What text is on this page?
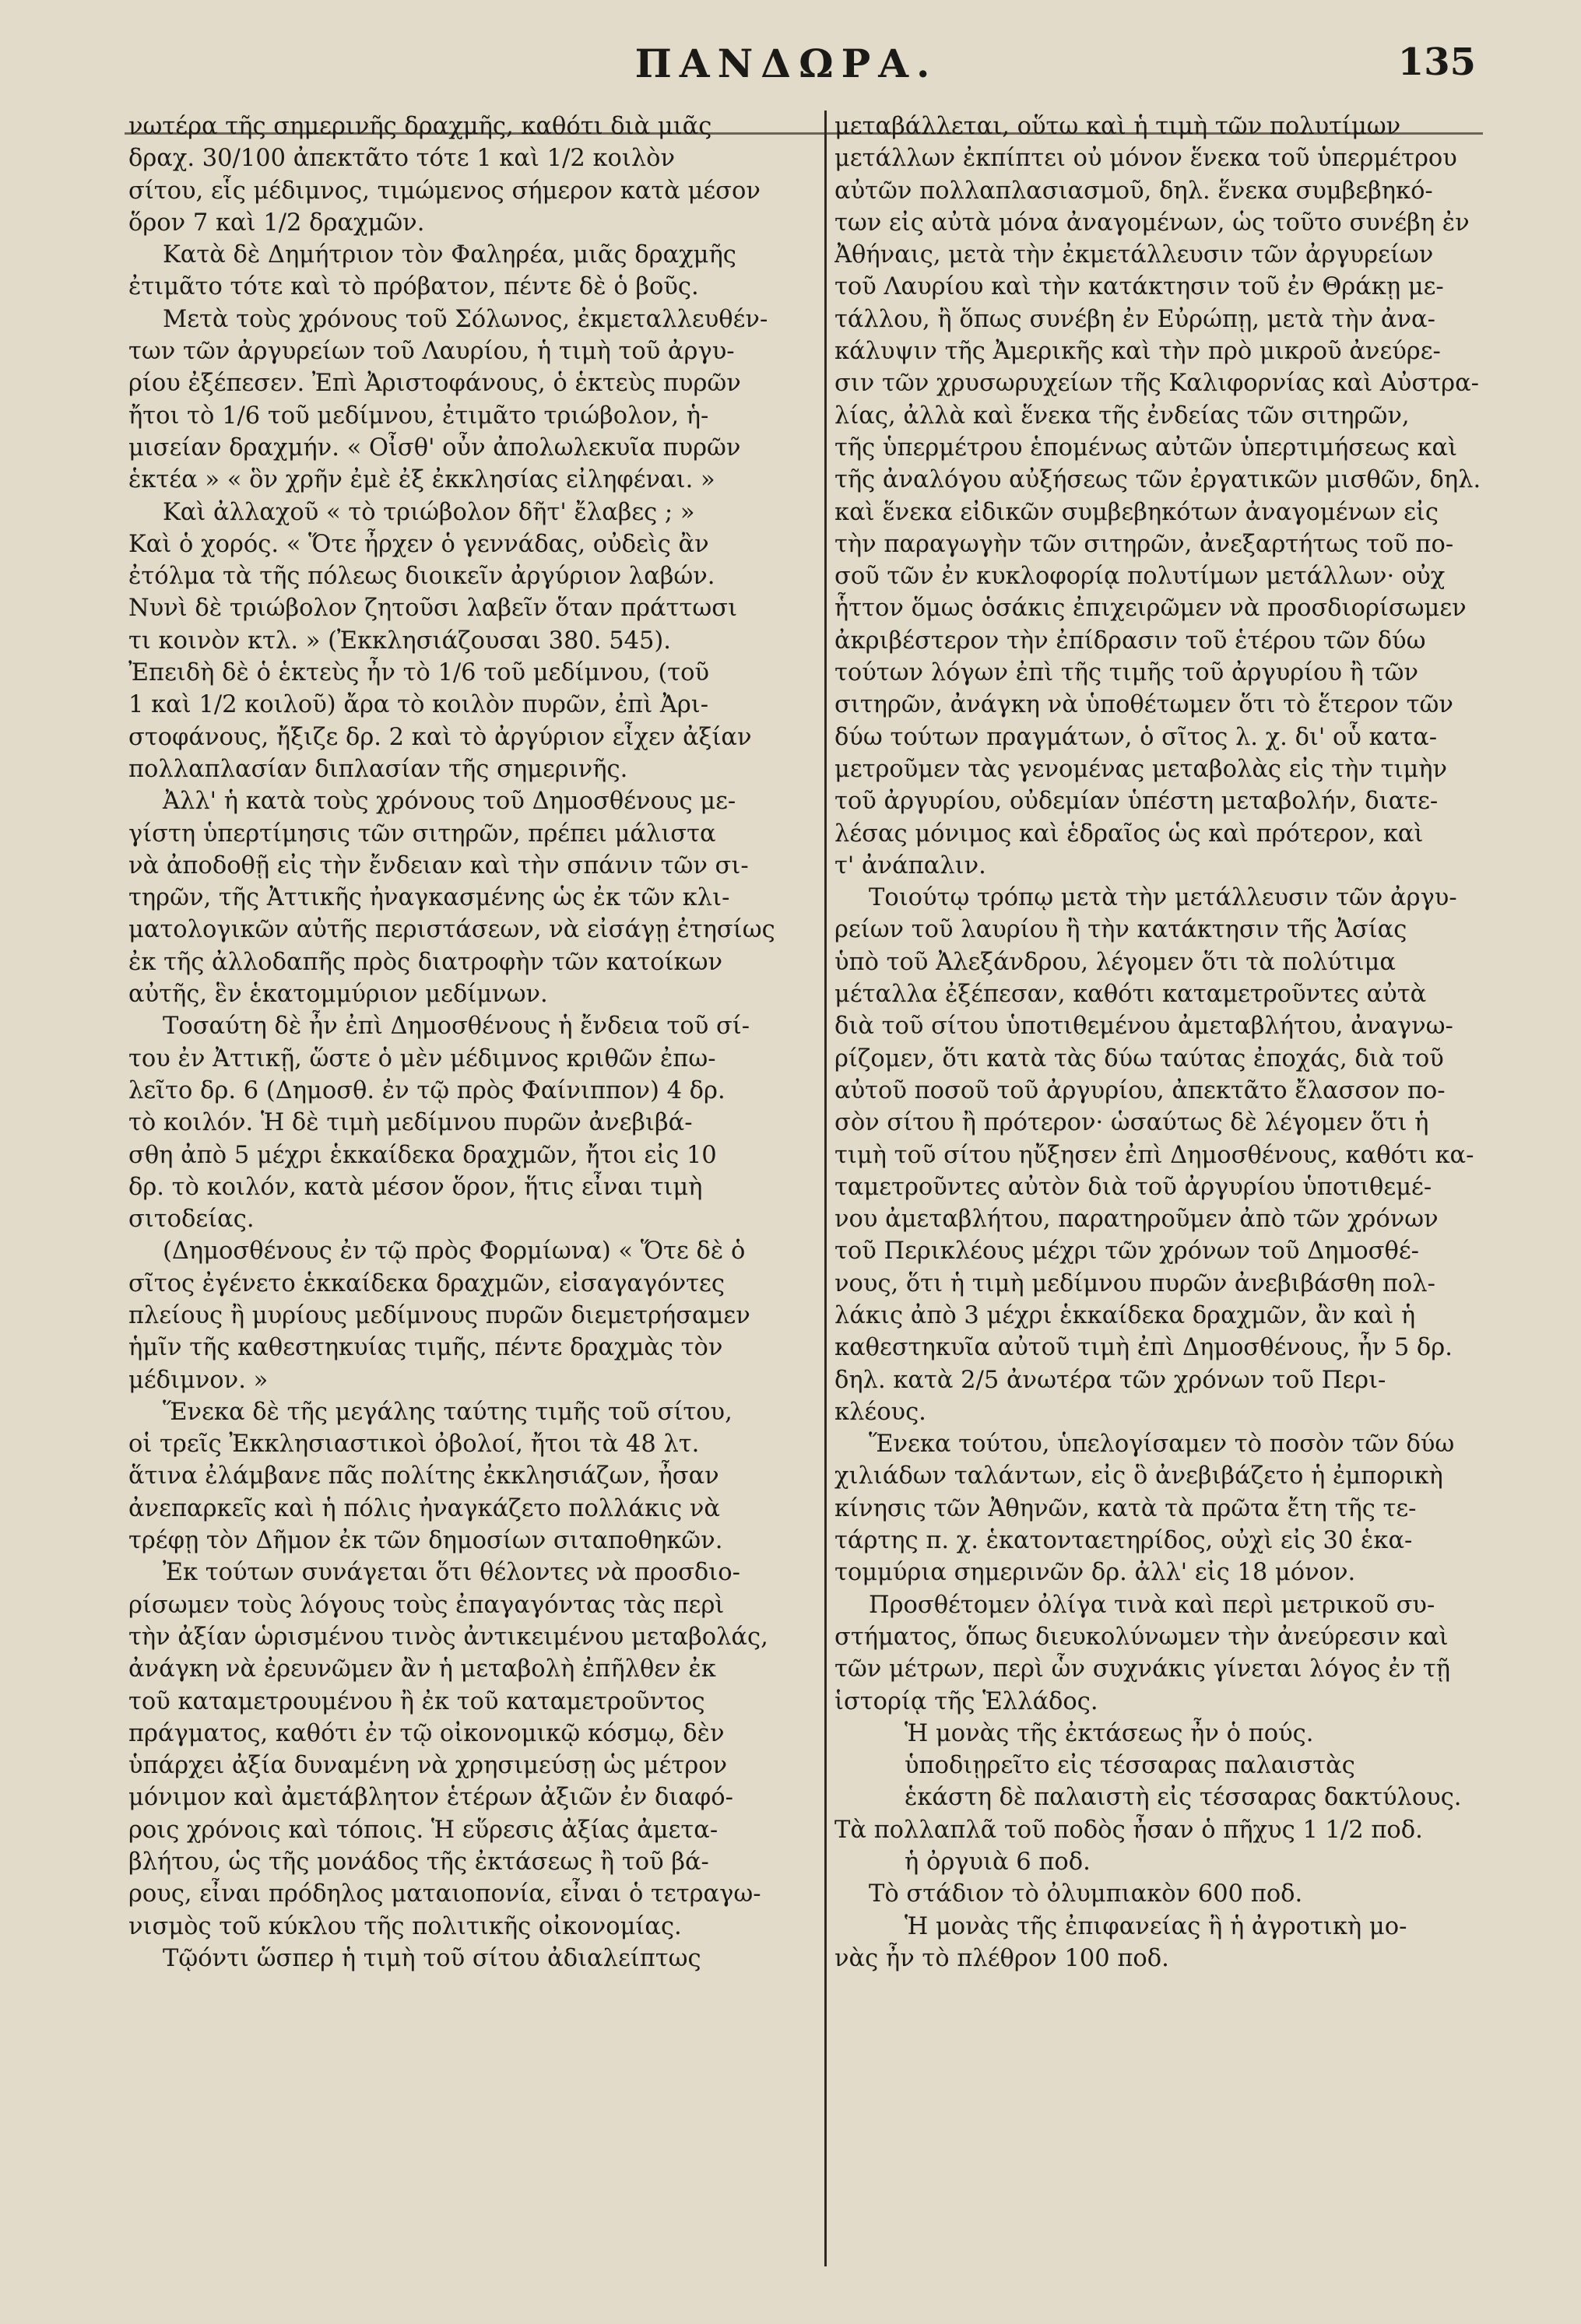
ΠΑΝΔΩΡΑ.	135
νωτέρα τῆς σημερινῆς δραχμῆς, καθότι διὰ μιᾶς
δραχ. 30/100 ἀπεκτᾶτο τότε 1 καὶ 1/2 κοιλὸν
σίτου, εἷς μέδιμνος, τιμώμενος σήμερον κατὰ μέσον
ὅρον 7 καὶ 1/2 δραχμῶν.
Κατὰ δὲ Δημήτριον τὸν Φαληρέα, μιᾶς δραχμῆς
ἐτιμᾶτο τότε καὶ τὸ πρόβατον, πέντε δὲ ὁ βοῦς.
Μετὰ τοὺς χρόνους τοῦ Σόλωνος, ἐκμεταλλευθέν-
των τῶν ἀργυρείων τοῦ Λαυρίου, ἡ τιμὴ τοῦ ἀργυ-
ρίου ἐξέπεσεν. Ἐπὶ Ἀριστοφάνους, ὁ ἑκτεὺς πυρῶν
ἤτοι τὸ 1/6 τοῦ μεδίμνου, ἐτιμᾶτο τριώβολον, ἡ-
μισείαν δραχμήν. « Οἶσθ' οὖν ἀπολωλεκυῖα πυρῶν
ἑκτέα » « ὃν χρῆν ἐμὲ ἐξ ἐκκλησίας εἰληφέναι. »
Καὶ ἀλλαχοῦ « τὸ τριώβολον δῆτ' ἔλαβες ; »
Καὶ ὁ χορός. « Ὅτε ἦρχεν ὁ γεννάδας, οὐδεὶς ἂν
ἐτόλμα τὰ τῆς πόλεως διοικεῖν ἀργύριον λαβών.
Νυνὶ δὲ τριώβολον ζητοῦσι λαβεῖν ὅταν πράττωσι
τι κοινὸν κτλ. » (Ἐκκλησιάζουσαι 380. 545).
Ἐπειδὴ δὲ ὁ ἑκτεὺς ἦν τὸ 1/6 τοῦ μεδίμνου, (τοῦ
1 καὶ 1/2 κοιλοῦ) ἄρα τὸ κοιλὸν πυρῶν, ἐπὶ Ἀρι-
στοφάνους, ἤξιζε δρ. 2 καὶ τὸ ἀργύριον εἶχεν ἀξίαν
πολλαπλασίαν διπλασίαν τῆς σημερινῆς.
Ἀλλ' ἡ κατὰ τοὺς χρόνους τοῦ Δημοσθένους με-
γίστη ὑπερτίμησις τῶν σιτηρῶν, πρέπει μάλιστα
νὰ ἀποδοθῇ εἰς τὴν ἔνδειαν καὶ τὴν σπάνιν τῶν σι-
τηρῶν, τῆς Ἀττικῆς ἠναγκασμένης ὡς ἐκ τῶν κλι-
ματολογικῶν αὐτῆς περιστάσεων, νὰ εἰσάγῃ ἐτησίως
ἐκ τῆς ἀλλοδαπῆς πρὸς διατροφὴν τῶν κατοίκων
αὐτῆς, ἓν ἑκατομμύριον μεδίμνων.
Τοσαύτη δὲ ἦν ἐπὶ Δημοσθένους ἡ ἔνδεια τοῦ σί-
του ἐν Ἀττικῇ, ὥστε ὁ μὲν μέδιμνος κριθῶν ἐπω-
λεῖτο δρ. 6 (Δημοσθ. ἐν τῷ πρὸς Φαίνιππον) 4 δρ.
τὸ κοιλόν. Ἡ δὲ τιμὴ μεδίμνου πυρῶν ἀνεβιβά-
σθη ἀπὸ 5 μέχρι ἑκκαίδεκα δραχμῶν, ἤτοι εἰς 10
δρ. τὸ κοιλόν, κατὰ μέσον ὅρον, ἥτις εἶναι τιμὴ
σιτοδείας.
(Δημοσθένους ἐν τῷ πρὸς Φορμίωνα) « Ὅτε δὲ ὁ
σῖτος ἐγένετο ἑκκαίδεκα δραχμῶν, εἰσαγαγόντες
πλείους ἢ μυρίους μεδίμνους πυρῶν διεμετρήσαμεν
ἡμῖν τῆς καθεστηκυίας τιμῆς, πέντε δραχμὰς τὸν
μέδιμνον. »
Ἕνεκα δὲ τῆς μεγάλης ταύτης τιμῆς τοῦ σίτου,
οἱ τρεῖς Ἐκκλησιαστικοὶ ὀβολοί, ἤτοι τὰ 48 λτ.
ἅτινα ἐλάμβανε πᾶς πολίτης ἐκκλησιάζων, ἦσαν
ἀνεπαρκεῖς καὶ ἡ πόλις ἠναγκάζετο πολλάκις νὰ
τρέφῃ τὸν Δῆμον ἐκ τῶν δημοσίων σιταποθηκῶν.
Ἐκ τούτων συνάγεται ὅτι θέλοντες νὰ προσδιο-
ρίσωμεν τοὺς λόγους τοὺς ἐπαγαγόντας τὰς περὶ
τὴν ἀξίαν ὡρισμένου τινὸς ἀντικειμένου μεταβολάς,
ἀνάγκη νὰ ἐρευνῶμεν ἂν ἡ μεταβολὴ ἐπῆλθεν ἐκ
τοῦ καταμετρουμένου ἢ ἐκ τοῦ καταμετροῦντος
πράγματος, καθότι ἐν τῷ οἰκονομικῷ κόσμῳ, δὲν
ὑπάρχει ἀξία δυναμένη νὰ χρησιμεύσῃ ὡς μέτρον
μόνιμον καὶ ἀμετάβλητον ἑτέρων ἀξιῶν ἐν διαφό-
ροις χρόνοις καὶ τόποις. Ἡ εὕρεσις ἀξίας ἀμετα-
βλήτου, ὡς τῆς μονάδος τῆς ἐκτάσεως ἢ τοῦ βά-
ρους, εἶναι πρόδηλος ματαιοπονία, εἶναι ὁ τετραγω-
νισμὸς τοῦ κύκλου τῆς πολιτικῆς οἰκονομίας.
Τῷόντι ὥσπερ ἡ τιμὴ τοῦ σίτου ἀδιαλείπτως
μεταβάλλεται, οὕτω καὶ ἡ τιμὴ τῶν πολυτίμων
μετάλλων ἐκπίπτει οὐ μόνον ἕνεκα τοῦ ὑπερμέτρου
αὐτῶν πολλαπλασιασμοῦ, δηλ. ἕνεκα συμβεβηκό-
των εἰς αὐτὰ μόνα ἀναγομένων, ὡς τοῦτο συνέβη ἐν
Ἀθήναις, μετὰ τὴν ἐκμετάλλευσιν τῶν ἀργυρείων
τοῦ Λαυρίου καὶ τὴν κατάκτησιν τοῦ ἐν Θράκῃ με-
τάλλου, ἢ ὅπως συνέβη ἐν Εὐρώπῃ, μετὰ τὴν ἀνα-
κάλυψιν τῆς Ἀμερικῆς καὶ τὴν πρὸ μικροῦ ἀνεύρε-
σιν τῶν χρυσωρυχείων τῆς Καλιφορνίας καὶ Αὐστρα-
λίας, ἀλλὰ καὶ ἕνεκα τῆς ἐνδείας τῶν σιτηρῶν,
τῆς ὑπερμέτρου ἑπομένως αὐτῶν ὑπερτιμήσεως καὶ
τῆς ἀναλόγου αὐξήσεως τῶν ἐργατικῶν μισθῶν, δηλ.
καὶ ἕνεκα εἰδικῶν συμβεβηκότων ἀναγομένων εἰς
τὴν παραγωγὴν τῶν σιτηρῶν, ἀνεξαρτήτως τοῦ πο-
σοῦ τῶν ἐν κυκλοφορίᾳ πολυτίμων μετάλλων· οὐχ
ἧττον ὅμως ὁσάκις ἐπιχειρῶμεν νὰ προσδιορίσωμεν
ἀκριβέστερον τὴν ἐπίδρασιν τοῦ ἑτέρου τῶν δύω
τούτων λόγων ἐπὶ τῆς τιμῆς τοῦ ἀργυρίου ἢ τῶν
σιτηρῶν, ἀνάγκη νὰ ὑποθέτωμεν ὅτι τὸ ἕτερον τῶν
δύω τούτων πραγμάτων, ὁ σῖτος λ. χ. δι' οὗ κατα-
μετροῦμεν τὰς γενομένας μεταβολὰς εἰς τὴν τιμὴν
τοῦ ἀργυρίου, οὐδεμίαν ὑπέστη μεταβολήν, διατε-
λέσας μόνιμος καὶ ἑδραῖος ὡς καὶ πρότερον, καὶ
τ' ἀνάπαλιν.
Τοιούτῳ τρόπῳ μετὰ τὴν μετάλλευσιν τῶν ἀργυ-
ρείων τοῦ λαυρίου ἢ τὴν κατάκτησιν τῆς Ἀσίας
ὑπὸ τοῦ Ἀλεξάνδρου, λέγομεν ὅτι τὰ πολύτιμα
μέταλλα ἐξέπεσαν, καθότι καταμετροῦντες αὐτὰ
διὰ τοῦ σίτου ὑποτιθεμένου ἀμεταβλήτου, ἀναγνω-
ρίζομεν, ὅτι κατὰ τὰς δύω ταύτας ἐποχάς, διὰ τοῦ
αὐτοῦ ποσοῦ τοῦ ἀργυρίου, ἀπεκτᾶτο ἔλασσον πο-
σὸν σίτου ἢ πρότερον· ὡσαύτως δὲ λέγομεν ὅτι ἡ
τιμὴ τοῦ σίτου ηὔξησεν ἐπὶ Δημοσθένους, καθότι κα-
ταμετροῦντες αὐτὸν διὰ τοῦ ἀργυρίου ὑποτιθεμέ-
νου ἀμεταβλήτου, παρατηροῦμεν ἀπὸ τῶν χρόνων
τοῦ Περικλέους μέχρι τῶν χρόνων τοῦ Δημοσθέ-
νους, ὅτι ἡ τιμὴ μεδίμνου πυρῶν ἀνεβιβάσθη πολ-
λάκις ἀπὸ 3 μέχρι ἑκκαίδεκα δραχμῶν, ἂν καὶ ἡ
καθεστηκυῖα αὐτοῦ τιμὴ ἐπὶ Δημοσθένους, ἦν 5 δρ.
δηλ. κατὰ 2/5 ἀνωτέρα τῶν χρόνων τοῦ Περι-
κλέους.
Ἕνεκα τούτου, ὑπελογίσαμεν τὸ ποσὸν τῶν δύω
χιλιάδων ταλάντων, εἰς ὃ ἀνεβιβάζετο ἡ ἐμπορικὴ
κίνησις τῶν Ἀθηνῶν, κατὰ τὰ πρῶτα ἔτη τῆς τε-
τάρτης π. χ. ἑκατονταετηρίδος, οὐχὶ εἰς 30 ἑκα-
τομμύρια σημερινῶν δρ. ἀλλ' εἰς 18 μόνον.
Προσθέτομεν ὀλίγα τινὰ καὶ περὶ μετρικοῦ συ-
στήματος, ὅπως διευκολύνωμεν τὴν ἀνεύρεσιν καὶ
τῶν μέτρων, περὶ ὧν συχνάκις γίνεται λόγος ἐν τῇ
ἱστορίᾳ τῆς Ἑλλάδος.
Ἡ μονὰς τῆς ἐκτάσεως ἦν ὁ πούς.
ὑποδιῃρεῖτο εἰς τέσσαρας παλαιστὰς
ἑκάστη δὲ παλαιστὴ εἰς τέσσαρας δακτύλους.
Τὰ πολλαπλᾶ τοῦ ποδὸς ἦσαν ὁ πῆχυς 1 1/2 ποδ.
ἡ ὀργυιὰ 6 ποδ.
Τὸ στάδιον τὸ ὀλυμπιακὸν 600 ποδ.
Ἡ μονὰς τῆς ἐπιφανείας ἢ ἡ ἀγροτικὴ μο-
νὰς ἦν τὸ πλέθρον 100 ποδ.
